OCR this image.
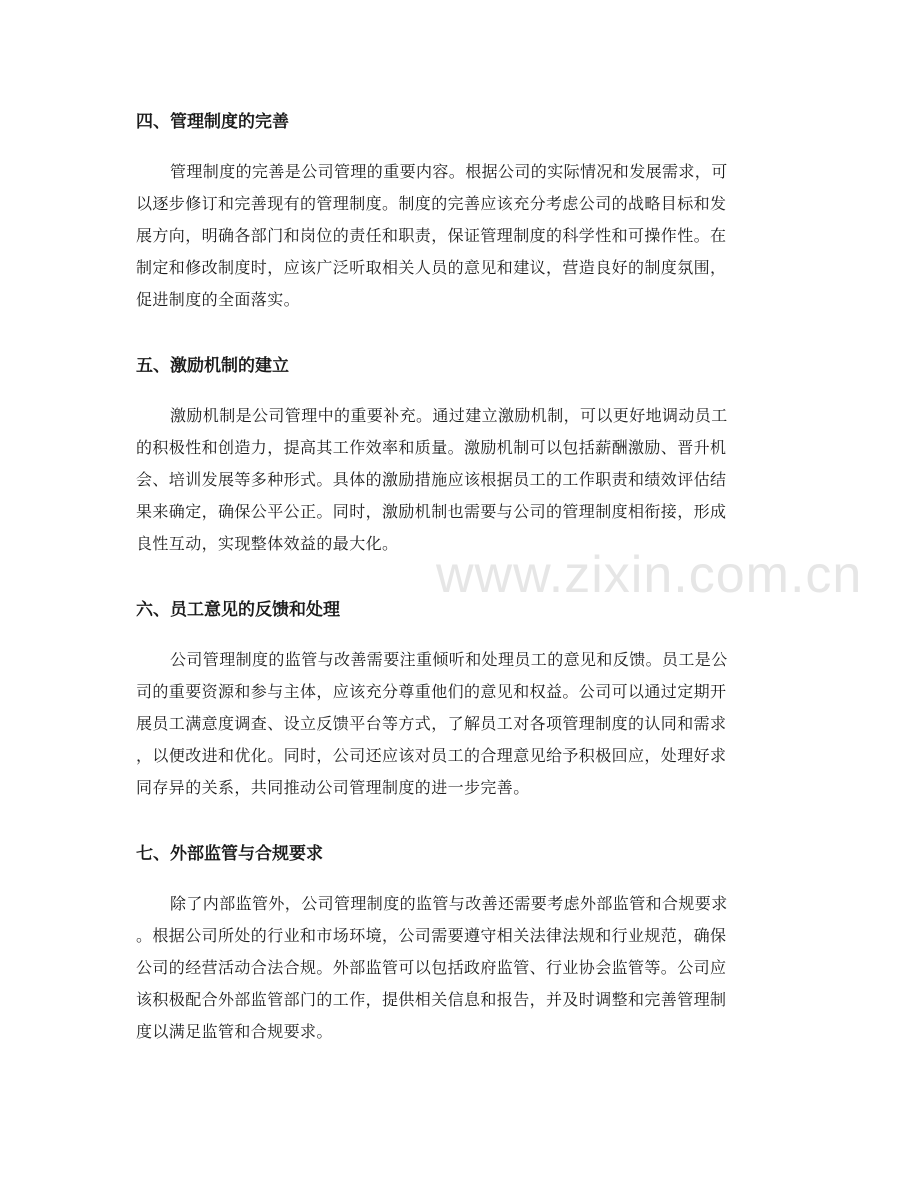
www.zixin.com.cn
四、管理制度的完善
管理制度的完善是公司管理的重要内容。根据公司的实际情况和发展需求，可
以逐步修订和完善现有的管理制度。制度的完善应该充分考虑公司的战略目标和发
展方向，明确各部门和岗位的责任和职责，保证管理制度的科学性和可操作性。在
制定和修改制度时，应该广泛听取相关人员的意见和建议，营造良好的制度氛围，
促进制度的全面落实。
五、激励机制的建立
激励机制是公司管理中的重要补充。通过建立激励机制，可以更好地调动员工
的积极性和创造力，提高其工作效率和质量。激励机制可以包括薪酬激励、晋升机
会、培训发展等多种形式。具体的激励措施应该根据员工的工作职责和绩效评估结
果来确定，确保公平公正。同时，激励机制也需要与公司的管理制度相衔接，形成
良性互动，实现整体效益的最大化。
六、员工意见的反馈和处理
公司管理制度的监管与改善需要注重倾听和处理员工的意见和反馈。员工是公
司的重要资源和参与主体，应该充分尊重他们的意见和权益。公司可以通过定期开
展员工满意度调查、设立反馈平台等方式，了解员工对各项管理制度的认同和需求
，以便改进和优化。同时，公司还应该对员工的合理意见给予积极回应，处理好求
同存异的关系，共同推动公司管理制度的进一步完善。
七、外部监管与合规要求
除了内部监管外，公司管理制度的监管与改善还需要考虑外部监管和合规要求
。根据公司所处的行业和市场环境，公司需要遵守相关法律法规和行业规范，确保
公司的经营活动合法合规。外部监管可以包括政府监管、行业协会监管等。公司应
该积极配合外部监管部门的工作，提供相关信息和报告，并及时调整和完善管理制
度以满足监管和合规要求。
